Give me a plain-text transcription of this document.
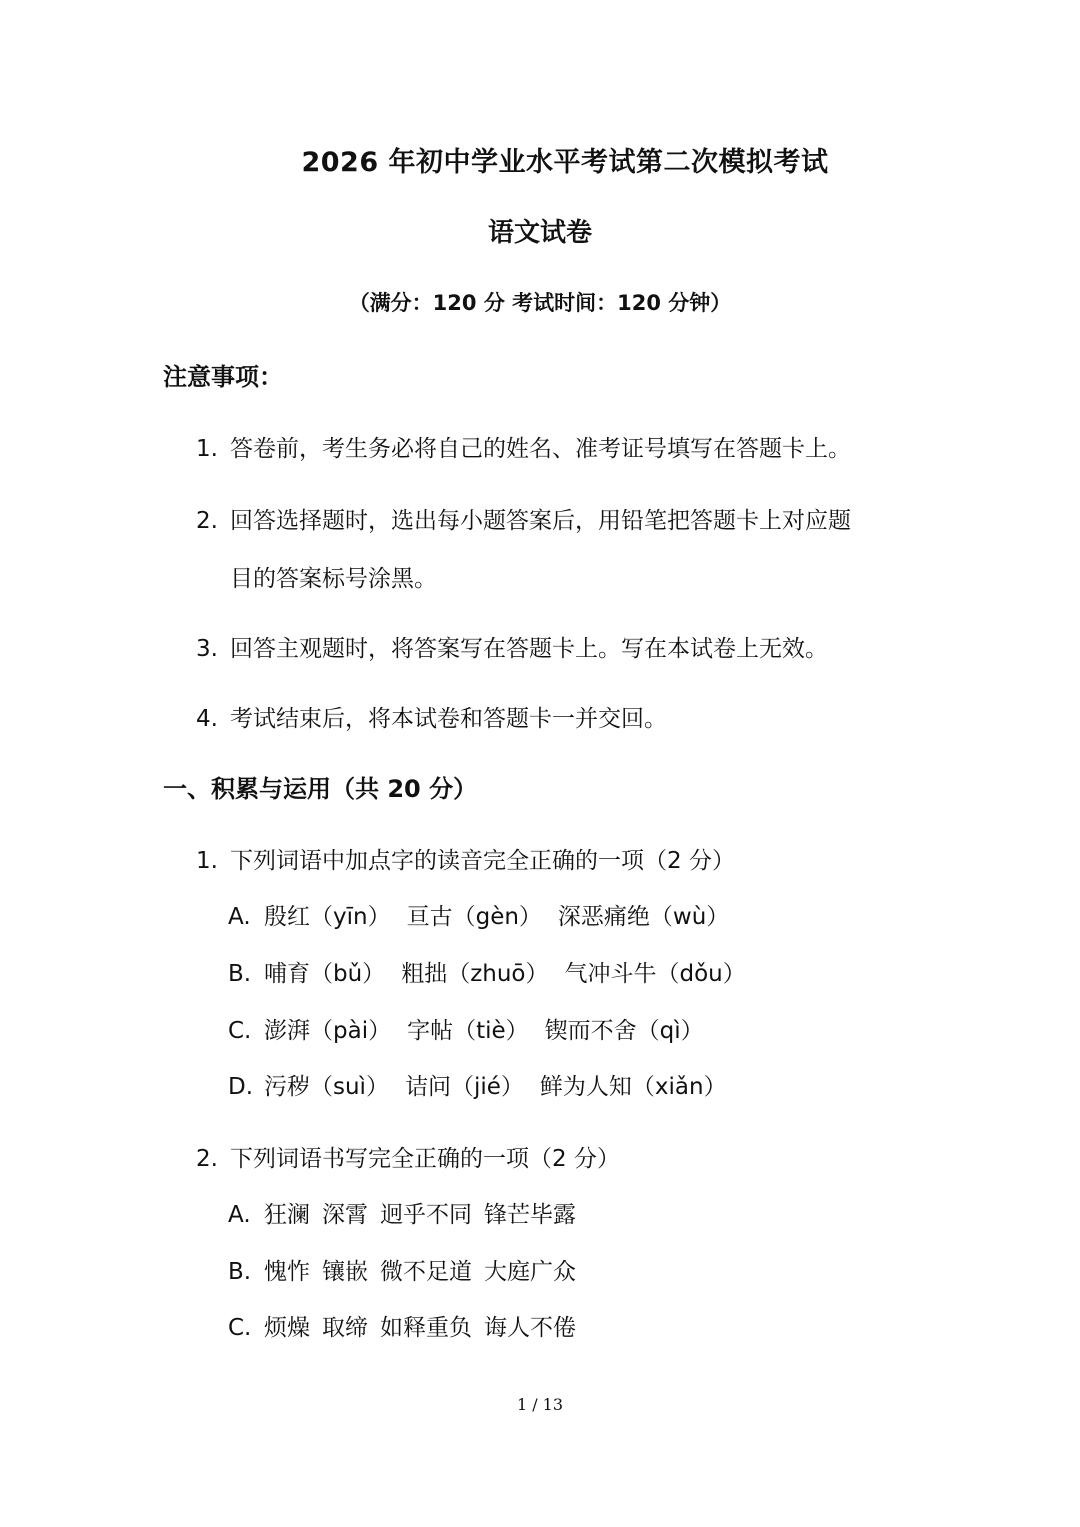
2026 年初中学业水平考试第二次模拟考试
语文试卷
（满分：120 分 考试时间：120 分钟）
注意事项：
1. 答卷前，考生务必将自己的姓名、准考证号填写在答题卡上。
2. 回答选择题时，选出每小题答案后，用铅笔把答题卡上对应题
目的答案标号涂黑。
3. 回答主观题时，将答案写在答题卡上。写在本试卷上无效。
4. 考试结束后，将本试卷和答题卡一并交回。
一、积累与运用（共 20 分）
1. 下列词语中加点字的读音完全正确的一项（2 分）
A. 殷红（yīn） 亘古（gèn） 深恶痛绝（wù）
B. 哺育（bǔ） 粗拙（zhuō） 气冲斗牛（dǒu）
C. 澎湃（pài） 字帖（tiè） 锲而不舍（qì）
D. 污秽（suì） 诘问（jié） 鲜为人知（xiǎn）
2. 下列词语书写完全正确的一项（2 分）
A. 狂澜 深霄 迥乎不同 锋芒毕露
B. 愧怍 镶嵌 微不足道 大庭广众
C. 烦燥 取缔 如释重负 诲人不倦
1 / 13
